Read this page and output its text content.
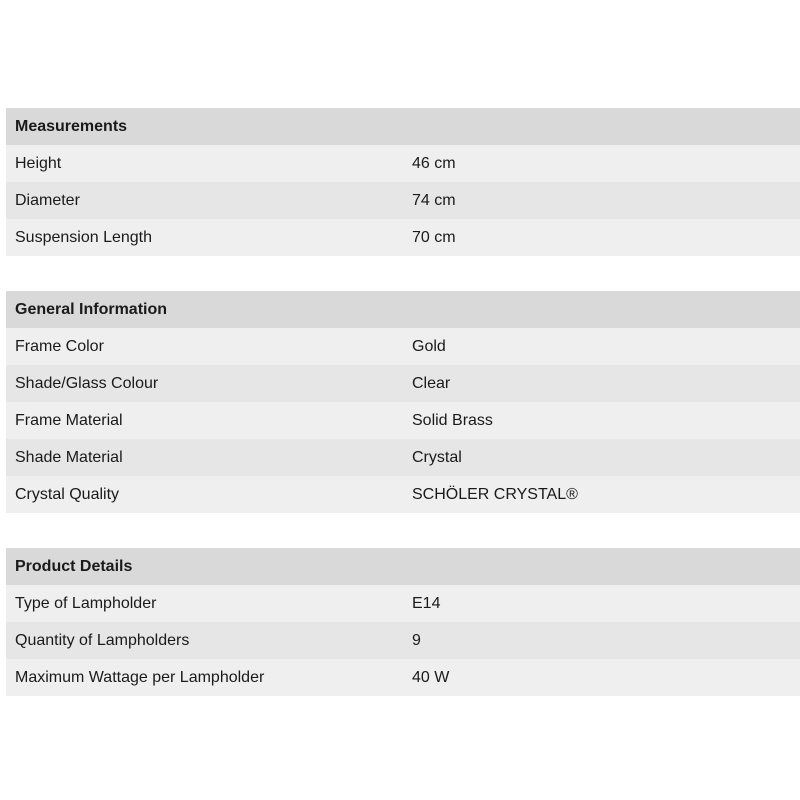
Measurements	
Height	46 cm
Diameter	74 cm
Suspension Length	70 cm
General Information	
Frame Color	Gold
Shade/Glass Colour	Clear
Frame Material	Solid Brass
Shade Material	Crystal
Crystal Quality	SCHÖLER CRYSTAL®
Product Details	
Type of Lampholder	E14
Quantity of Lampholders	9
Maximum Wattage per Lampholder	40 W
